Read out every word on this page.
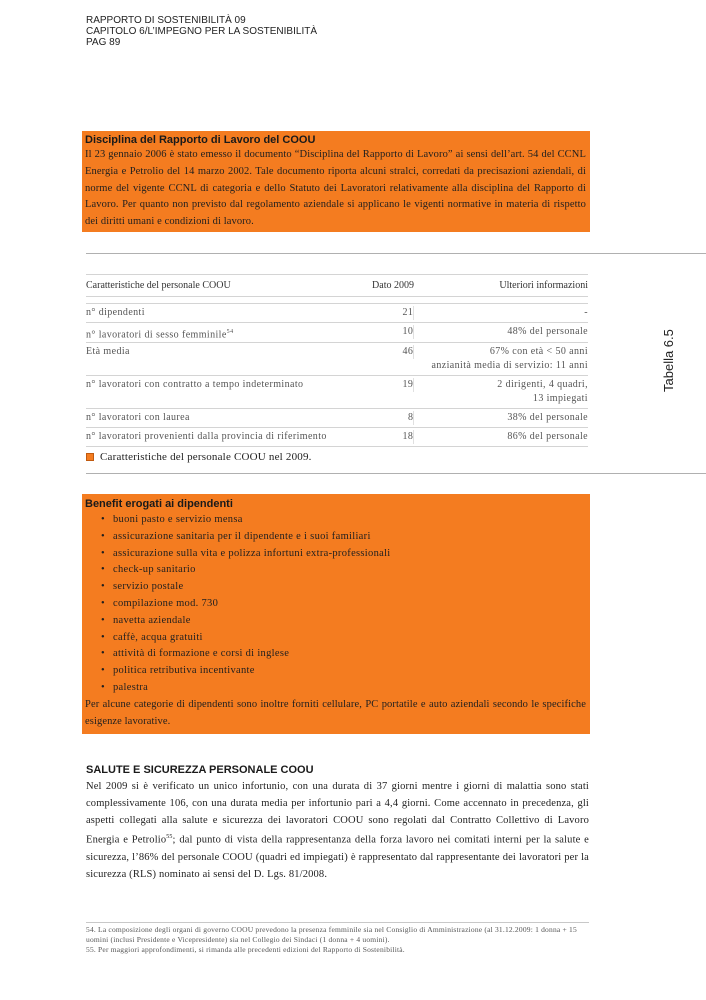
RAPPORTO DI SOSTENIBILITÀ 09
CAPITOLO 6/L’IMPEGNO PER LA SOSTENIBILITÀ
PAG 89
Disciplina del Rapporto di Lavoro del COOU
Il 23 gennaio 2006 è stato emesso il documento “Disciplina del Rapporto di Lavoro” ai sensi dell’art. 54 del CCNL Energia e Petrolio del 14 marzo 2002. Tale documento riporta alcuni stralci, corredati da precisazioni aziendali, di norme del vigente CCNL di categoria e dello Statuto dei Lavoratori relativamente alla disciplina del Rapporto di Lavoro. Per quanto non previsto dal regolamento aziendale si applicano le vigenti normative in materia di rispetto dei diritti umani e condizioni di lavoro.
Caratteristiche del personale COOU	Dato 2009	Ulteriori informazioni
n° dipendenti	21	-
n° lavoratori di sesso femminile$^{54}$	10	48% del personale
Età media	46	67% con età < 50 anni
anzianità media di servizio: 11 anni
n° lavoratori con contratto a tempo indeterminato	19	2 dirigenti, 4 quadri,
13 impiegati
n° lavoratori con laurea	8	38% del personale
n° lavoratori provenienti dalla provincia di riferimento	18	86% del personale
Tabella 6.5
Caratteristiche del personale COOU nel 2009.
Benefit erogati ai dipendenti
• buoni pasto e servizio mensa
• assicurazione sanitaria per il dipendente e i suoi familiari
• assicurazione sulla vita e polizza infortuni extra-professionali
• check-up sanitario
• servizio postale
• compilazione mod. 730
• navetta aziendale
• caffè, acqua gratuiti
• attività di formazione e corsi di inglese
• politica retributiva incentivante
• palestra
Per alcune categorie di dipendenti sono inoltre forniti cellulare, PC portatile e auto aziendali secondo le specifiche esigenze lavorative.
SALUTE E SICUREZZA PERSONALE COOU
Nel 2009 si è verificato un unico infortunio, con una durata di 37 giorni mentre i giorni di malattia sono stati complessivamente 106, con una durata media per infortunio pari a 4,4 giorni. Come accennato in precedenza, gli aspetti collegati alla salute e sicurezza dei lavoratori COOU sono regolati dal Contratto Collettivo di Lavoro Energia e Petrolio$^{55}$; dal punto di vista della rappresentanza della forza lavoro nei comitati interni per la salute e sicurezza, l’86% del personale COOU (quadri ed impiegati) è rappresentato dal rappresentante dei lavoratori per la sicurezza (RLS) nominato ai sensi del D. Lgs. 81/2008.
54. La composizione degli organi di governo COOU prevedono la presenza femminile sia nel Consiglio di Amministrazione (al 31.12.2009: 1 donna + 15 uomini (inclusi Presidente e Vicepresidente) sia nel Collegio dei Sindaci (1 donna + 4 uomini).
55. Per maggiori approfondimenti, si rimanda alle precedenti edizioni del Rapporto di Sostenibilità.
